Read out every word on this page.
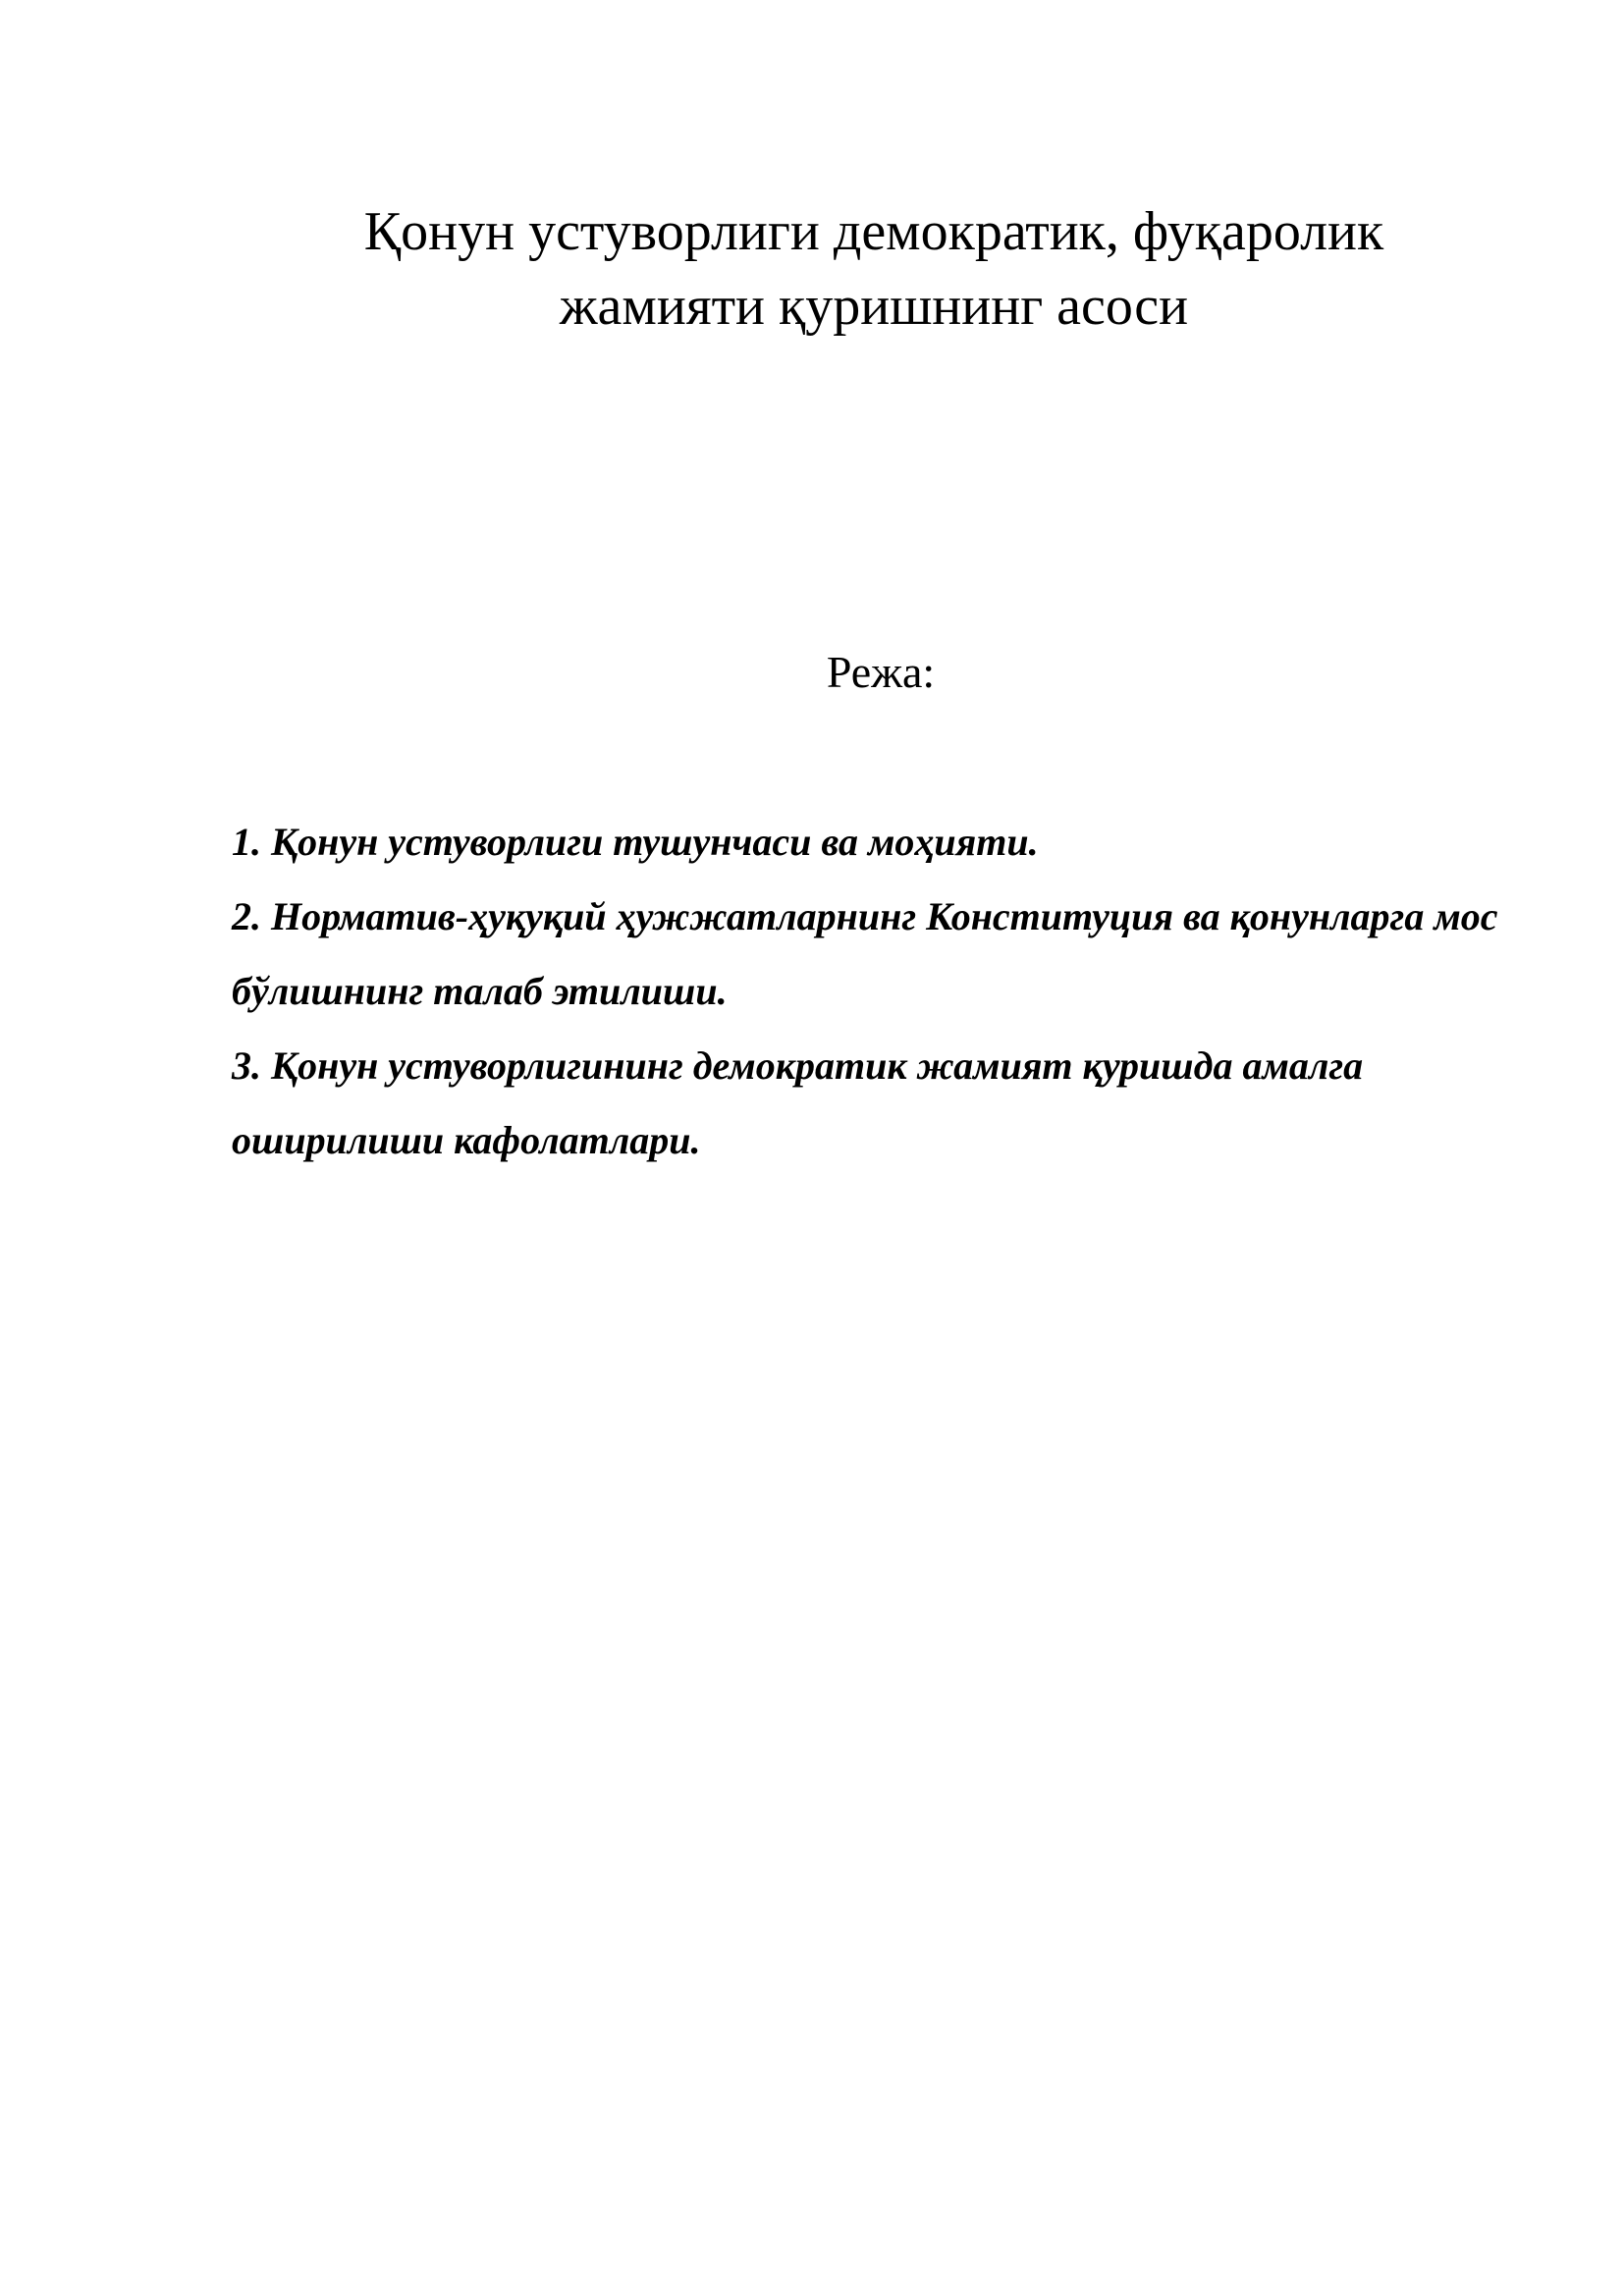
Қонун устуворлиги демократик, фуқаролик
жамияти қуришнинг асоси
Режа:
1. Қонун устуворлиги тушунчаси ва моҳияти.
2. Норматив-ҳуқуқий ҳужжатларнинг Конституция ва қонунларга мос бўлишнинг талаб этилиши.
3. Қонун устуворлигининг демократик жамият қуришда амалга оширилиши кафолатлари.
